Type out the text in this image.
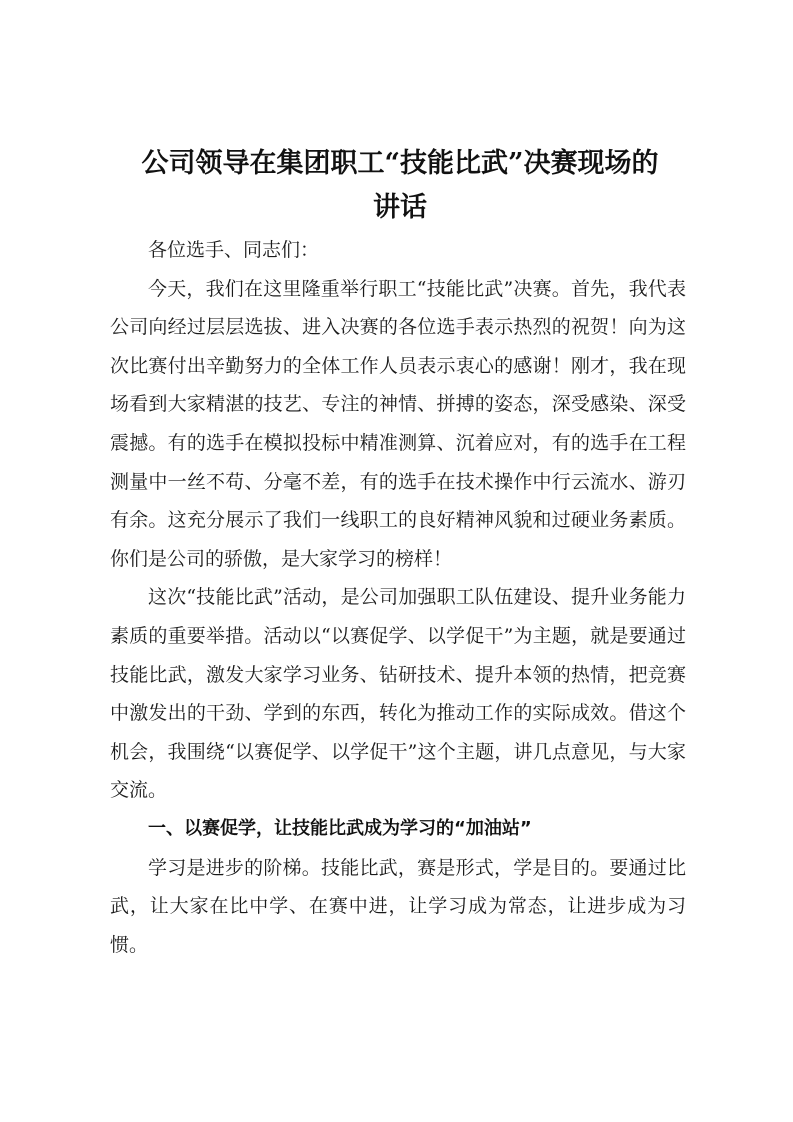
公司领导在集团职工“技能比武”决赛现场的
讲话

各位选手、同志们：

今天，我们在这里隆重举行职工“技能比武”决赛。首先，我代表公司向经过层层选拔、进入决赛的各位选手表示热烈的祝贺！向为这次比赛付出辛勤努力的全体工作人员表示衷心的感谢！刚才，我在现场看到大家精湛的技艺、专注的神情、拼搏的姿态，深受感染、深受震撼。有的选手在模拟投标中精准测算、沉着应对，有的选手在工程测量中一丝不苟、分毫不差，有的选手在技术操作中行云流水、游刃有余。这充分展示了我们一线职工的良好精神风貌和过硬业务素质。你们是公司的骄傲，是大家学习的榜样！

这次“技能比武”活动，是公司加强职工队伍建设、提升业务能力素质的重要举措。活动以“以赛促学、以学促干”为主题，就是要通过技能比武，激发大家学习业务、钻研技术、提升本领的热情，把竞赛中激发出的干劲、学到的东西，转化为推动工作的实际成效。借这个机会，我围绕“以赛促学、以学促干”这个主题，讲几点意见，与大家交流。

一、以赛促学，让技能比武成为学习的“加油站”

学习是进步的阶梯。技能比武，赛是形式，学是目的。要通过比武，让大家在比中学、在赛中进，让学习成为常态，让进步成为习惯。
